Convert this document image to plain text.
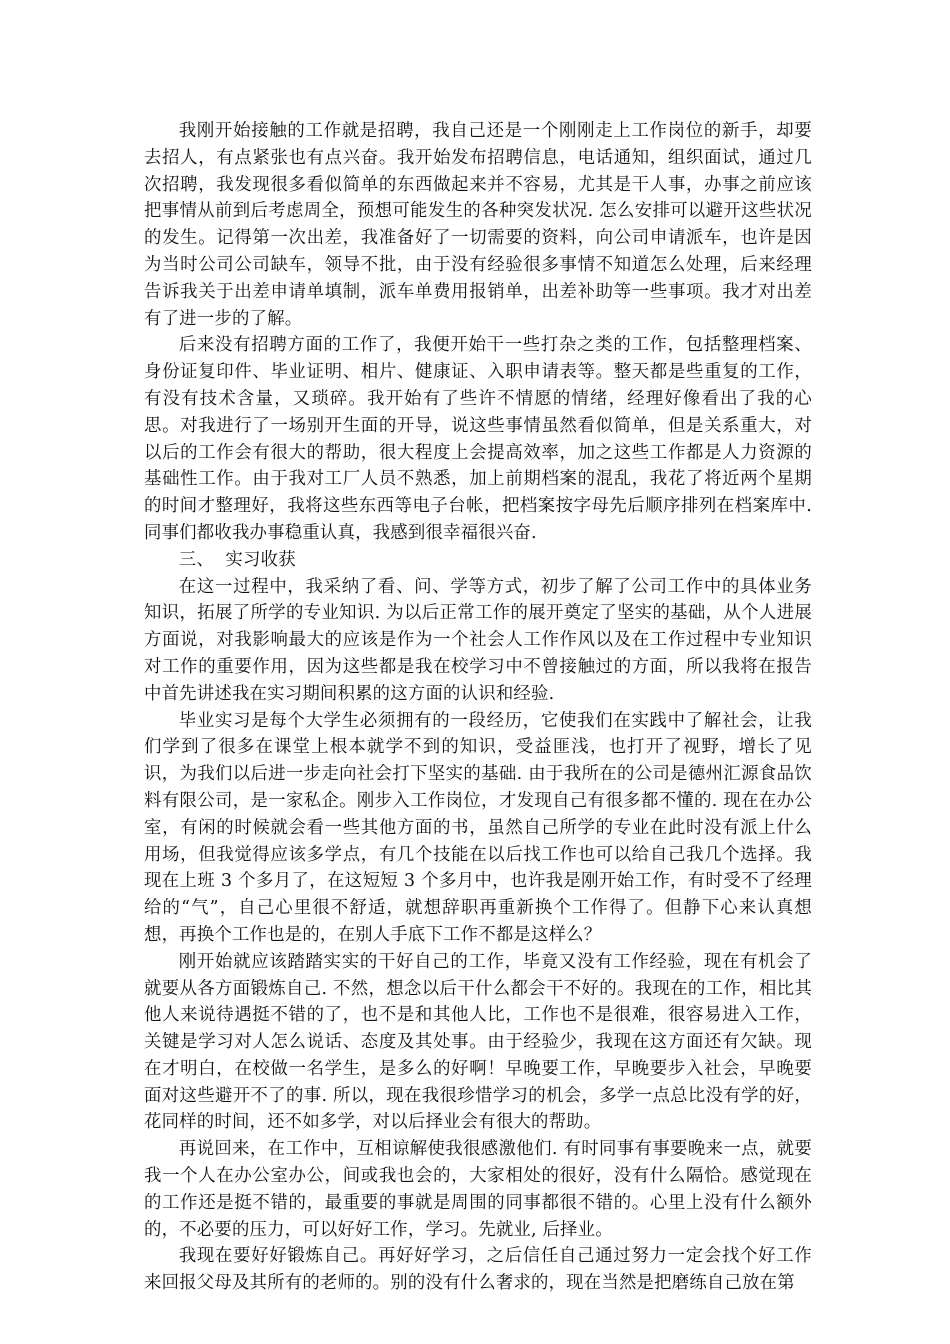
我刚开始接触的工作就是招聘，我自己还是一个刚刚走上工作岗位的新手，却要去招人，有点紧张也有点兴奋。我开始发布招聘信息，电话通知，组织面试，通过几次招聘，我发现很多看似简单的东西做起来并不容易，尤其是干人事，办事之前应该把事情从前到后考虑周全，预想可能发生的各种突发状况. 怎么安排可以避开这些状况的发生。记得第一次出差，我准备好了一切需要的资料，向公司申请派车，也许是因为当时公司公司缺车，领导不批，由于没有经验很多事情不知道怎么处理，后来经理告诉我关于出差申请单填制，派车单费用报销单，出差补助等一些事项。我才对出差有了进一步的了解。

后来没有招聘方面的工作了，我便开始干一些打杂之类的工作，包括整理档案、身份证复印件、毕业证明、相片、健康证、入职申请表等。整天都是些重复的工作，有没有技术含量，又琐碎。我开始有了些许不情愿的情绪，经理好像看出了我的心思。对我进行了一场别开生面的开导，说这些事情虽然看似简单，但是关系重大，对以后的工作会有很大的帮助，很大程度上会提高效率，加之这些工作都是人力资源的基础性工作。由于我对工厂人员不熟悉，加上前期档案的混乱，我花了将近两个星期的时间才整理好，我将这些东西等电子台帐，把档案按字母先后顺序排列在档案库中. 同事们都收我办事稳重认真，我感到很幸福很兴奋.

三、  实习收获

在这一过程中，我采纳了看、问、学等方式，初步了解了公司工作中的具体业务知识，拓展了所学的专业知识. 为以后正常工作的展开奠定了坚实的基础，从个人进展方面说，对我影响最大的应该是作为一个社会人工作作风以及在工作过程中专业知识对工作的重要作用，因为这些都是我在校学习中不曾接触过的方面，所以我将在报告中首先讲述我在实习期间积累的这方面的认识和经验.

毕业实习是每个大学生必须拥有的一段经历，它使我们在实践中了解社会，让我们学到了很多在课堂上根本就学不到的知识，受益匪浅，也打开了视野，增长了见识，为我们以后进一步走向社会打下坚实的基础. 由于我所在的公司是德州汇源食品饮料有限公司，是一家私企。刚步入工作岗位，才发现自己有很多都不懂的. 现在在办公室，有闲的时候就会看一些其他方面的书，虽然自己所学的专业在此时没有派上什么用场，但我觉得应该多学点，有几个技能在以后找工作也可以给自己我几个选择。我现在上班 3 个多月了，在这短短 3 个多月中，也许我是刚开始工作，有时受不了经理给的“气”，自己心里很不舒适，就想辞职再重新换个工作得了。但静下心来认真想想，再换个工作也是的，在别人手底下工作不都是这样么？

刚开始就应该踏踏实实的干好自己的工作，毕竟又没有工作经验，现在有机会了就要从各方面锻炼自己. 不然，想念以后干什么都会干不好的。我现在的工作，相比其他人来说待遇挺不错的了，也不是和其他人比，工作也不是很难，很容易进入工作，关键是学习对人怎么说话、态度及其处事。由于经验少，我现在这方面还有欠缺。现在才明白，在校做一名学生，是多么的好啊！早晚要工作，早晚要步入社会，早晚要面对这些避开不了的事. 所以，现在我很珍惜学习的机会，多学一点总比没有学的好，花同样的时间，还不如多学，对以后择业会有很大的帮助。

再说回来，在工作中，互相谅解使我很感激他们. 有时同事有事要晚来一点，就要我一个人在办公室办公，间或我也会的，大家相处的很好，没有什么隔恰。感觉现在的工作还是挺不错的，最重要的事就是周围的同事都很不错的。心里上没有什么额外的，不必要的压力，可以好好工作，学习。先就业, 后择业。

我现在要好好锻炼自己。再好好学习，之后信任自己通过努力一定会找个好工作来回报父母及其所有的老师的。别的没有什么奢求的，现在当然是把磨练自己放在第
